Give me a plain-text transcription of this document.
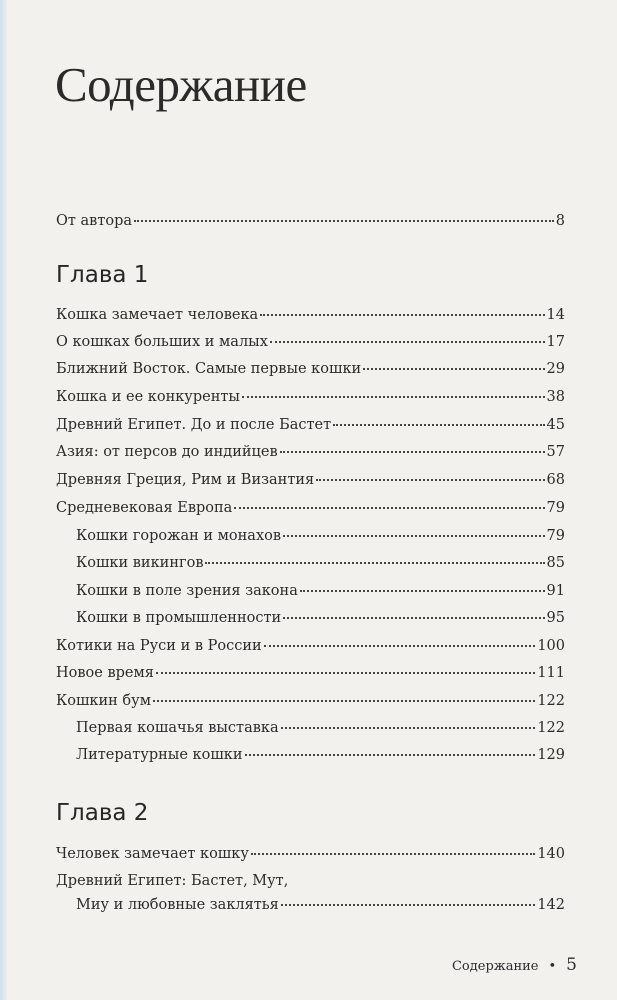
Содержание
От автора	8
Глава 1
Кошка замечает человека	14
О кошках больших и малых	17
Ближний Восток. Самые первые кошки	29
Кошка и ее конкуренты	38
Древний Египет. До и после Бастет	45
Азия: от персов до индийцев	57
Древняя Греция, Рим и Византия	68
Средневековая Европа	79
Кошки горожан и монахов	79
Кошки викингов	85
Кошки в поле зрения закона	91
Кошки в промышленности	95
Котики на Руси и в России	100
Новое время	111
Кошкин бум	122
Первая кошачья выставка	122
Литературные кошки	129
Глава 2
Человек замечает кошку	140
Древний Египет: Бастет, Мут,
Миу и любовные заклятья	142
Содержание • 5
